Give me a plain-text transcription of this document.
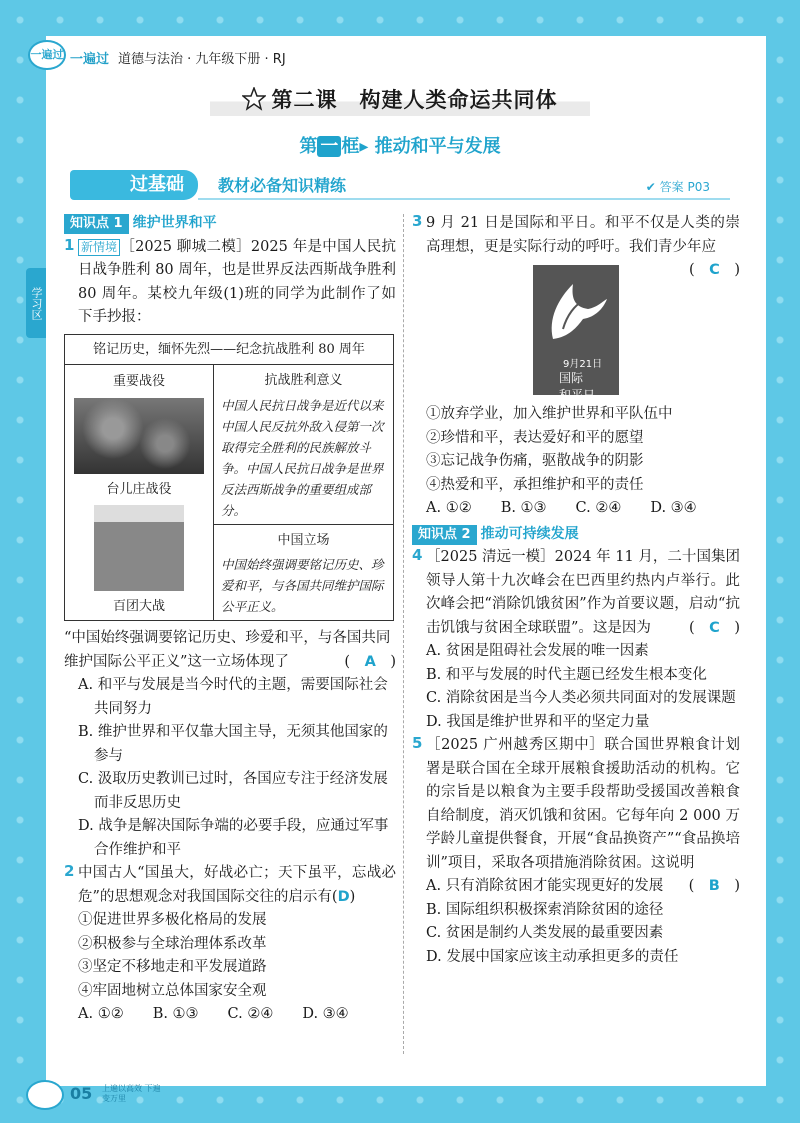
一遍过 一遍过 道德与法治 · 九年级下册 · RJ
第二课　构建人类命运共同体
第 一 框▸ 推动和平与发展
过基础	教材必备知识精练	✔ 答案 P03
学习区
知识点 1 维护世界和平
1 新情境 ［2025 聊城二模］2025 年是中国人民抗日战争胜利 80 周年，也是世界反法西斯战争胜利 80 周年。某校九年级(1)班的同学为此制作了如下手抄报：
铭记历史，缅怀先烈——纪念抗战胜利 80 周年

重要战役
台儿庄战役
百团大战

抗战胜利意义
中国人民抗日战争是近代以来中国人民反抗外敌入侵第一次取得完全胜利的民族解放斗争。中国人民抗日战争是世界反法西斯战争的重要组成部分。

中国立场
中国始终强调要铭记历史、珍爱和平，与各国共同维护国际公平正义。
“中国始终强调要铭记历史、珍爱和平，与各国共同维护国际公平正义”这一立场体现了	(　A　)
A. 和平与发展是当今时代的主题，需要国际社会共同努力
B. 维护世界和平仅靠大国主导，无须其他国家的参与
C. 汲取历史教训已过时，各国应专注于经济发展而非反思历史
D. 战争是解决国际争端的必要手段，应通过军事合作维护和平
2 中国古人“国虽大，好战必亡；天下虽平，忘战必危”的思想观念对我国国际交往的启示有(D)
①促进世界多极化格局的发展
②积极参与全球治理体系改革
③坚定不移地走和平发展道路
④牢固地树立总体国家安全观
A. ①②　　B. ①③　　C. ②④　　D. ③④
3 9 月 21 日是国际和平日。和平不仅是人类的崇高理想，更是实际行动的呼吁。我们青少年应
(　C　)
9月21日
国际
和平日
①放弃学业，加入维护世界和平队伍中
②珍惜和平，表达爱好和平的愿望
③忘记战争伤痛，驱散战争的阴影
④热爱和平，承担维护和平的责任
A. ①②　　B. ①③　　C. ②④　　D. ③④
知识点 2 推动可持续发展
4 ［2025 清远一模］2024 年 11 月，二十国集团领导人第十九次峰会在巴西里约热内卢举行。此次峰会把“消除饥饿贫困”作为首要议题，启动“抗击饥饿与贫困全球联盟”。这是因为	(　C　)
A. 贫困是阻碍社会发展的唯一因素
B. 和平与发展的时代主题已经发生根本变化
C. 消除贫困是当今人类必须共同面对的发展课题
D. 我国是维护世界和平的坚定力量
5 ［2025 广州越秀区期中］联合国世界粮食计划署是联合国在全球开展粮食援助活动的机构。它的宗旨是以粮食为主要手段帮助受援国改善粮食自给制度，消灭饥饿和贫困。它每年向 2 000 万学龄儿童提供餐食，开展“食品换资产”“食品换培训”项目，采取各项措施消除贫困。这说明
(　B　)
A. 只有消除贫困才能实现更好的发展
B. 国际组织积极探索消除贫困的途径
C. 贫困是制约人类发展的最重要因素
D. 发展中国家应该主动承担更多的责任
05 上遍以高效 下遍变万里
